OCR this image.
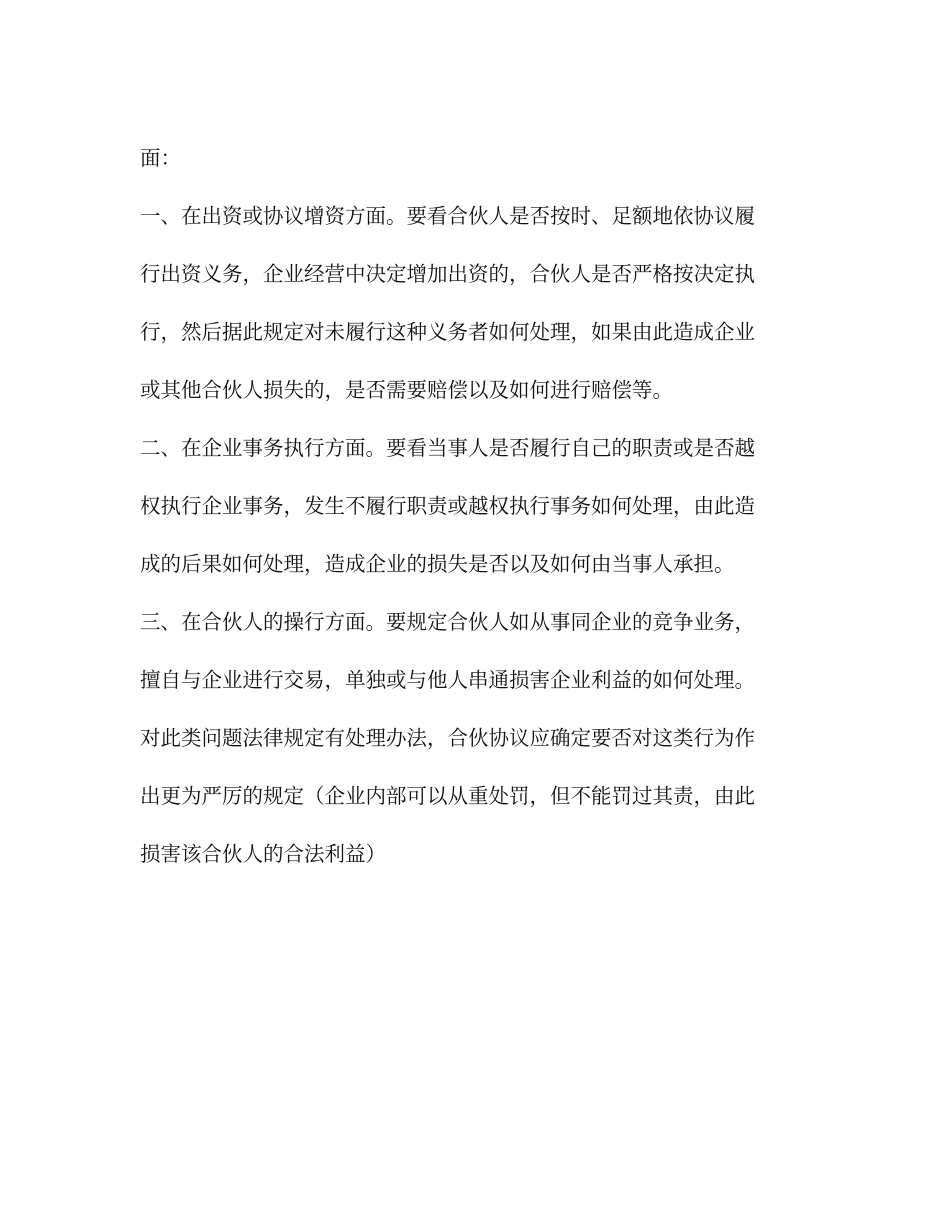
面：
一、在出资或协议增资方面。要看合伙人是否按时、足额地依协议履
行出资义务，企业经营中决定增加出资的，合伙人是否严格按决定执
行，然后据此规定对未履行这种义务者如何处理，如果由此造成企业
或其他合伙人损失的，是否需要赔偿以及如何进行赔偿等。
二、在企业事务执行方面。要看当事人是否履行自己的职责或是否越
权执行企业事务，发生不履行职责或越权执行事务如何处理，由此造
成的后果如何处理，造成企业的损失是否以及如何由当事人承担。
三、在合伙人的操行方面。要规定合伙人如从事同企业的竞争业务，
擅自与企业进行交易，单独或与他人串通损害企业利益的如何处理。
对此类问题法律规定有处理办法，合伙协议应确定要否对这类行为作
出更为严厉的规定（企业内部可以从重处罚，但不能罚过其责，由此
损害该合伙人的合法利益）
